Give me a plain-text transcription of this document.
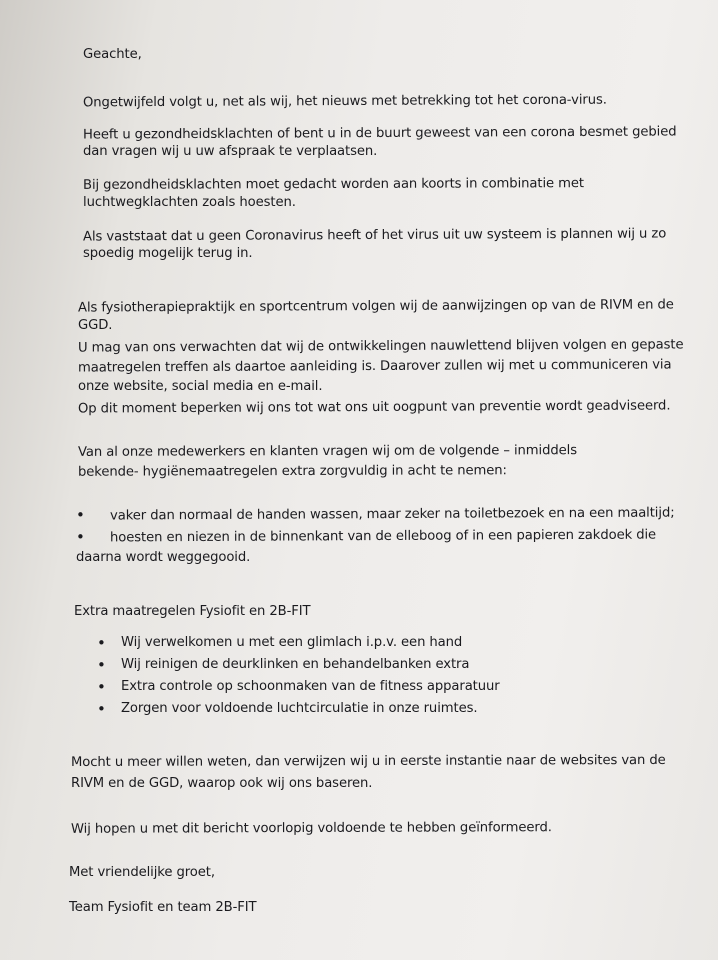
Geachte,
Ongetwijfeld volgt u, net als wij, het nieuws met betrekking tot het corona-virus.
Heeft u gezondheidsklachten of bent u in de buurt geweest van een corona besmet gebied
dan vragen wij u uw afspraak te verplaatsen.
Bij gezondheidsklachten moet gedacht worden aan koorts in combinatie met
luchtwegklachten zoals hoesten.
Als vaststaat dat u geen Coronavirus heeft of het virus uit uw systeem is plannen wij u zo
spoedig mogelijk terug in.
Als fysiotherapiepraktijk en sportcentrum volgen wij de aanwijzingen op van de RIVM en de
GGD.
U mag van ons verwachten dat wij de ontwikkelingen nauwlettend blijven volgen en gepaste
maatregelen treffen als daartoe aanleiding is. Daarover zullen wij met u communiceren via
onze website, social media en e-mail.
Op dit moment beperken wij ons tot wat ons uit oogpunt van preventie wordt geadviseerd.
Van al onze medewerkers en klanten vragen wij om de volgende – inmiddels
bekende- hygiënemaatregelen extra zorgvuldig in acht te nemen:
• vaker dan normaal de handen wassen, maar zeker na toiletbezoek en na een maaltijd;
• hoesten en niezen in de binnenkant van de elleboog of in een papieren zakdoek die
daarna wordt weggegooid.
Extra maatregelen Fysiofit en 2B-FIT
• Wij verwelkomen u met een glimlach i.p.v. een hand
• Wij reinigen de deurklinken en behandelbanken extra
• Extra controle op schoonmaken van de fitness apparatuur
• Zorgen voor voldoende luchtcirculatie in onze ruimtes.
Mocht u meer willen weten, dan verwijzen wij u in eerste instantie naar de websites van de
RIVM en de GGD, waarop ook wij ons baseren.
Wij hopen u met dit bericht voorlopig voldoende te hebben geïnformeerd.
Met vriendelijke groet,
Team Fysiofit en team 2B-FIT
